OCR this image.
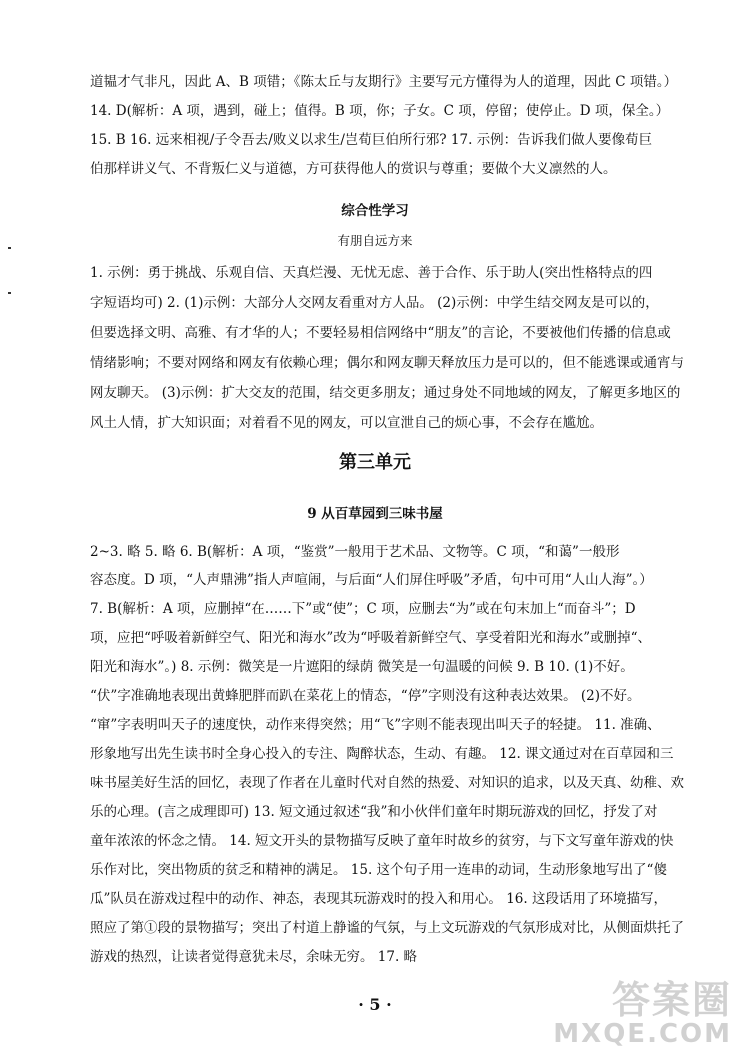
道韫才气非凡，因此 A、B 项错；《陈太丘与友期行》主要写元方懂得为人的道理，因此 C 项错。）
14. D(解析：A 项，遇到，碰上；值得。B 项，你；子女。C 项，停留；使停止。D 项，保全。）
15. B 16. 远来相视/子令吾去/败义以求生/岂荀巨伯所行邪? 17. 示例：告诉我们做人要像荀巨
伯那样讲义气、不背叛仁义与道德，方可获得他人的赏识与尊重；要做个大义凛然的人。
综合性学习
有朋自远方来
1. 示例：勇于挑战、乐观自信、天真烂漫、无忧无虑、善于合作、乐于助人(突出性格特点的四
字短语均可) 2. (1)示例：大部分人交网友看重对方人品。 (2)示例：中学生结交网友是可以的，
但要选择文明、高雅、有才华的人；不要轻易相信网络中“朋友”的言论，不要被他们传播的信息或
情绪影响；不要对网络和网友有依赖心理；偶尔和网友聊天释放压力是可以的，但不能逃课或通宵与
网友聊天。 (3)示例：扩大交友的范围，结交更多朋友；通过身处不同地域的网友，了解更多地区的
风土人情，扩大知识面；对着看不见的网友，可以宣泄自己的烦心事，不会存在尴尬。
第三单元
9 从百草园到三味书屋
2~3. 略 5. 略 6. B(解析：A 项，“鉴赏”一般用于艺术品、文物等。C 项，“和蔼”一般形
容态度。D 项，“人声鼎沸”指人声喧闹，与后面“人们屏住呼吸”矛盾，句中可用“人山人海”。）
7. B(解析：A 项，应删掉“在……下”或“使”；C 项，应删去“为”或在句末加上“而奋斗”；D
项，应把“呼吸着新鲜空气、阳光和海水”改为“呼吸着新鲜空气、享受着阳光和海水”或删掉“、
阳光和海水”。) 8. 示例：微笑是一片遮阳的绿荫 微笑是一句温暖的问候 9. B 10. (1)不好。
“伏”字准确地表现出黄蜂肥胖而趴在菜花上的情态，“停”字则没有这种表达效果。 (2)不好。
“窜”字表明叫天子的速度快，动作来得突然；用“飞”字则不能表现出叫天子的轻捷。 11. 准确、
形象地写出先生读书时全身心投入的专注、陶醉状态，生动、有趣。 12. 课文通过对在百草园和三
味书屋美好生活的回忆，表现了作者在儿童时代对自然的热爱、对知识的追求，以及天真、幼稚、欢
乐的心理。(言之成理即可) 13. 短文通过叙述“我”和小伙伴们童年时期玩游戏的回忆，抒发了对
童年浓浓的怀念之情。 14. 短文开头的景物描写反映了童年时故乡的贫穷，与下文写童年游戏的快
乐作对比，突出物质的贫乏和精神的满足。 15. 这个句子用一连串的动词，生动形象地写出了“傻
瓜”队员在游戏过程中的动作、神态，表现其玩游戏时的投入和用心。 16. 这段话用了环境描写，
照应了第①段的景物描写；突出了村道上静谧的气氛，与上文玩游戏的气氛形成对比，从侧面烘托了
游戏的热烈，让读者觉得意犹未尽，余味无穷。 17. 略
· 5 ·	答案圈
MXQE.COM
